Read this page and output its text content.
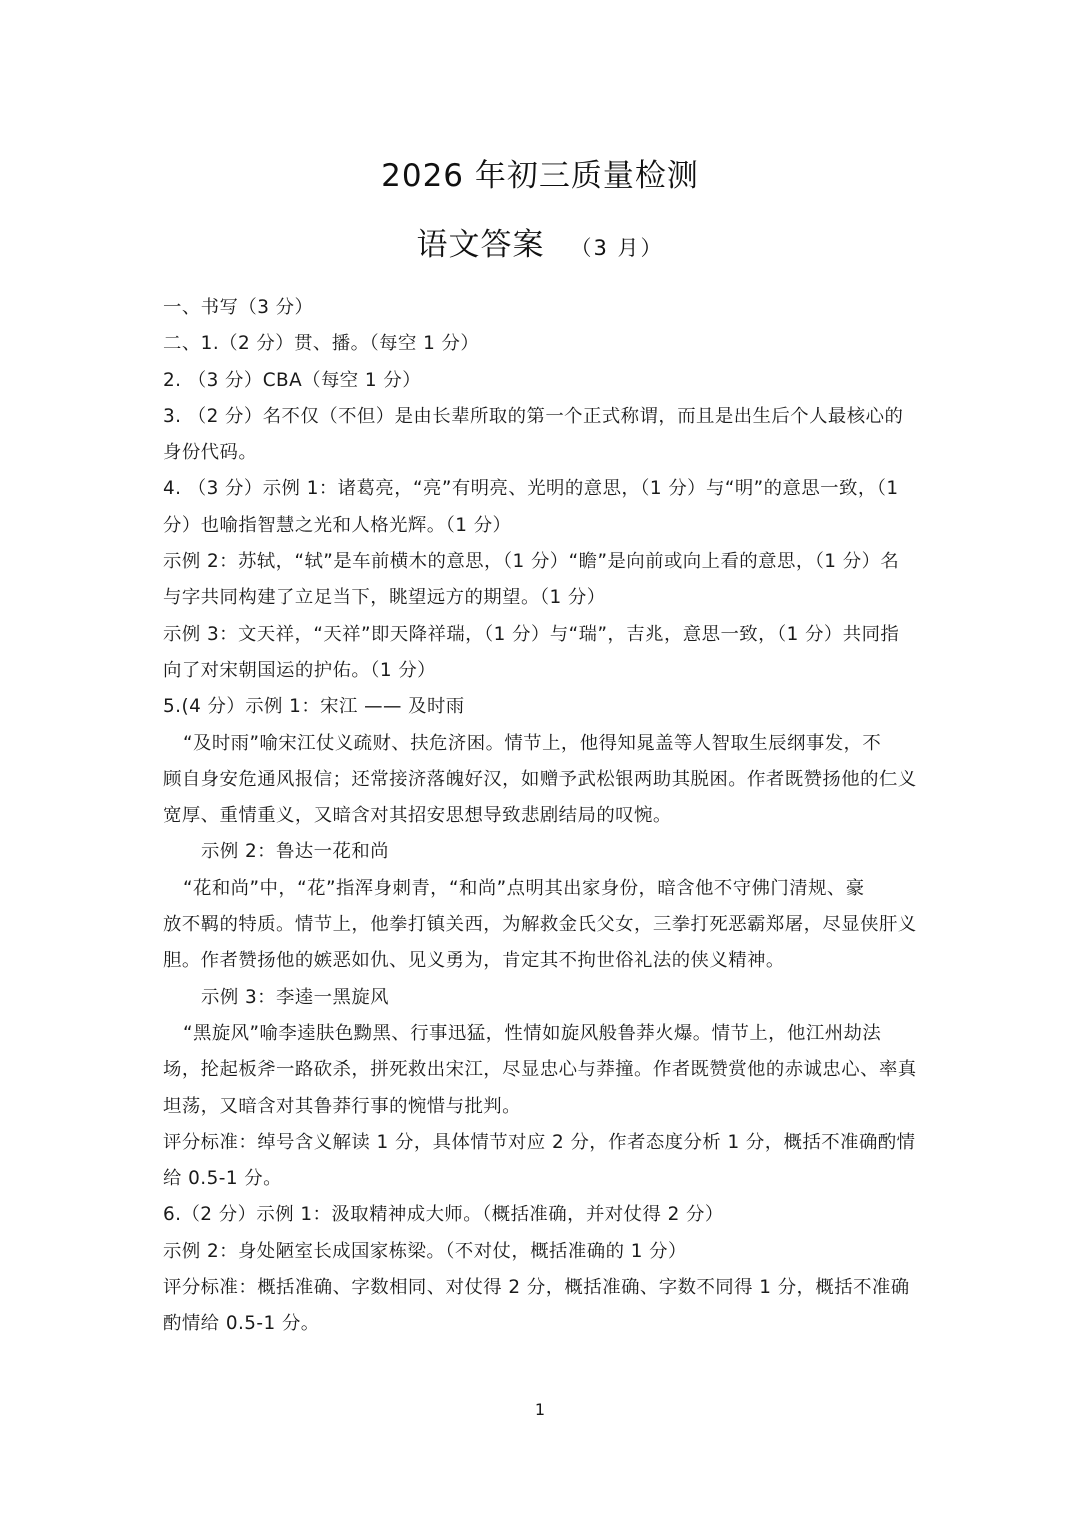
2026 年初三质量检测
语文答案 （3 月）
一、书写（3 分）
二、1.（2 分）贯、播。（每空 1 分）
2. （3 分）CBA（每空 1 分）
3. （2 分）名不仅（不但）是由长辈所取的第一个正式称谓，而且是出生后个人最核心的
身份代码。
4. （3 分）示例 1：诸葛亮，“亮”有明亮、光明的意思，（1 分）与“明”的意思一致，（1
分）也喻指智慧之光和人格光辉。（1 分）
示例 2：苏轼，“轼”是车前横木的意思，（1 分）“瞻”是向前或向上看的意思，（1 分）名
与字共同构建了立足当下，眺望远方的期望。（1 分）
示例 3：文天祥，“天祥”即天降祥瑞，（1 分）与“瑞”，吉兆，意思一致，（1 分）共同指
向了对宋朝国运的护佑。（1 分）
5.(4 分）示例 1：宋江 —— 及时雨
“及时雨”喻宋江仗义疏财、扶危济困。情节上，他得知晁盖等人智取生辰纲事发，不
顾自身安危通风报信；还常接济落魄好汉，如赠予武松银两助其脱困。作者既赞扬他的仁义
宽厚、重情重义，又暗含对其招安思想导致悲剧结局的叹惋。
示例 2：鲁达一花和尚
“花和尚”中，“花”指浑身刺青，“和尚”点明其出家身份，暗含他不守佛门清规、豪
放不羁的特质。情节上，他拳打镇关西，为解救金氏父女，三拳打死恶霸郑屠，尽显侠肝义
胆。作者赞扬他的嫉恶如仇、见义勇为，肯定其不拘世俗礼法的侠义精神。
示例 3：李逵一黑旋风
“黑旋风”喻李逵肤色黝黑、行事迅猛，性情如旋风般鲁莽火爆。情节上，他江州劫法
场，抡起板斧一路砍杀，拼死救出宋江，尽显忠心与莽撞。作者既赞赏他的赤诚忠心、率真
坦荡，又暗含对其鲁莽行事的惋惜与批判。
评分标准：绰号含义解读 1 分，具体情节对应 2 分，作者态度分析 1 分，概括不准确酌情
给 0.5-1 分。
6.（2 分）示例 1：汲取精神成大师。（概括准确，并对仗得 2 分）
示例 2：身处陋室长成国家栋梁。（不对仗，概括准确的 1 分）
评分标准：概括准确、字数相同、对仗得 2 分，概括准确、字数不同得 1 分，概括不准确
酌情给 0.5-1 分。
1
